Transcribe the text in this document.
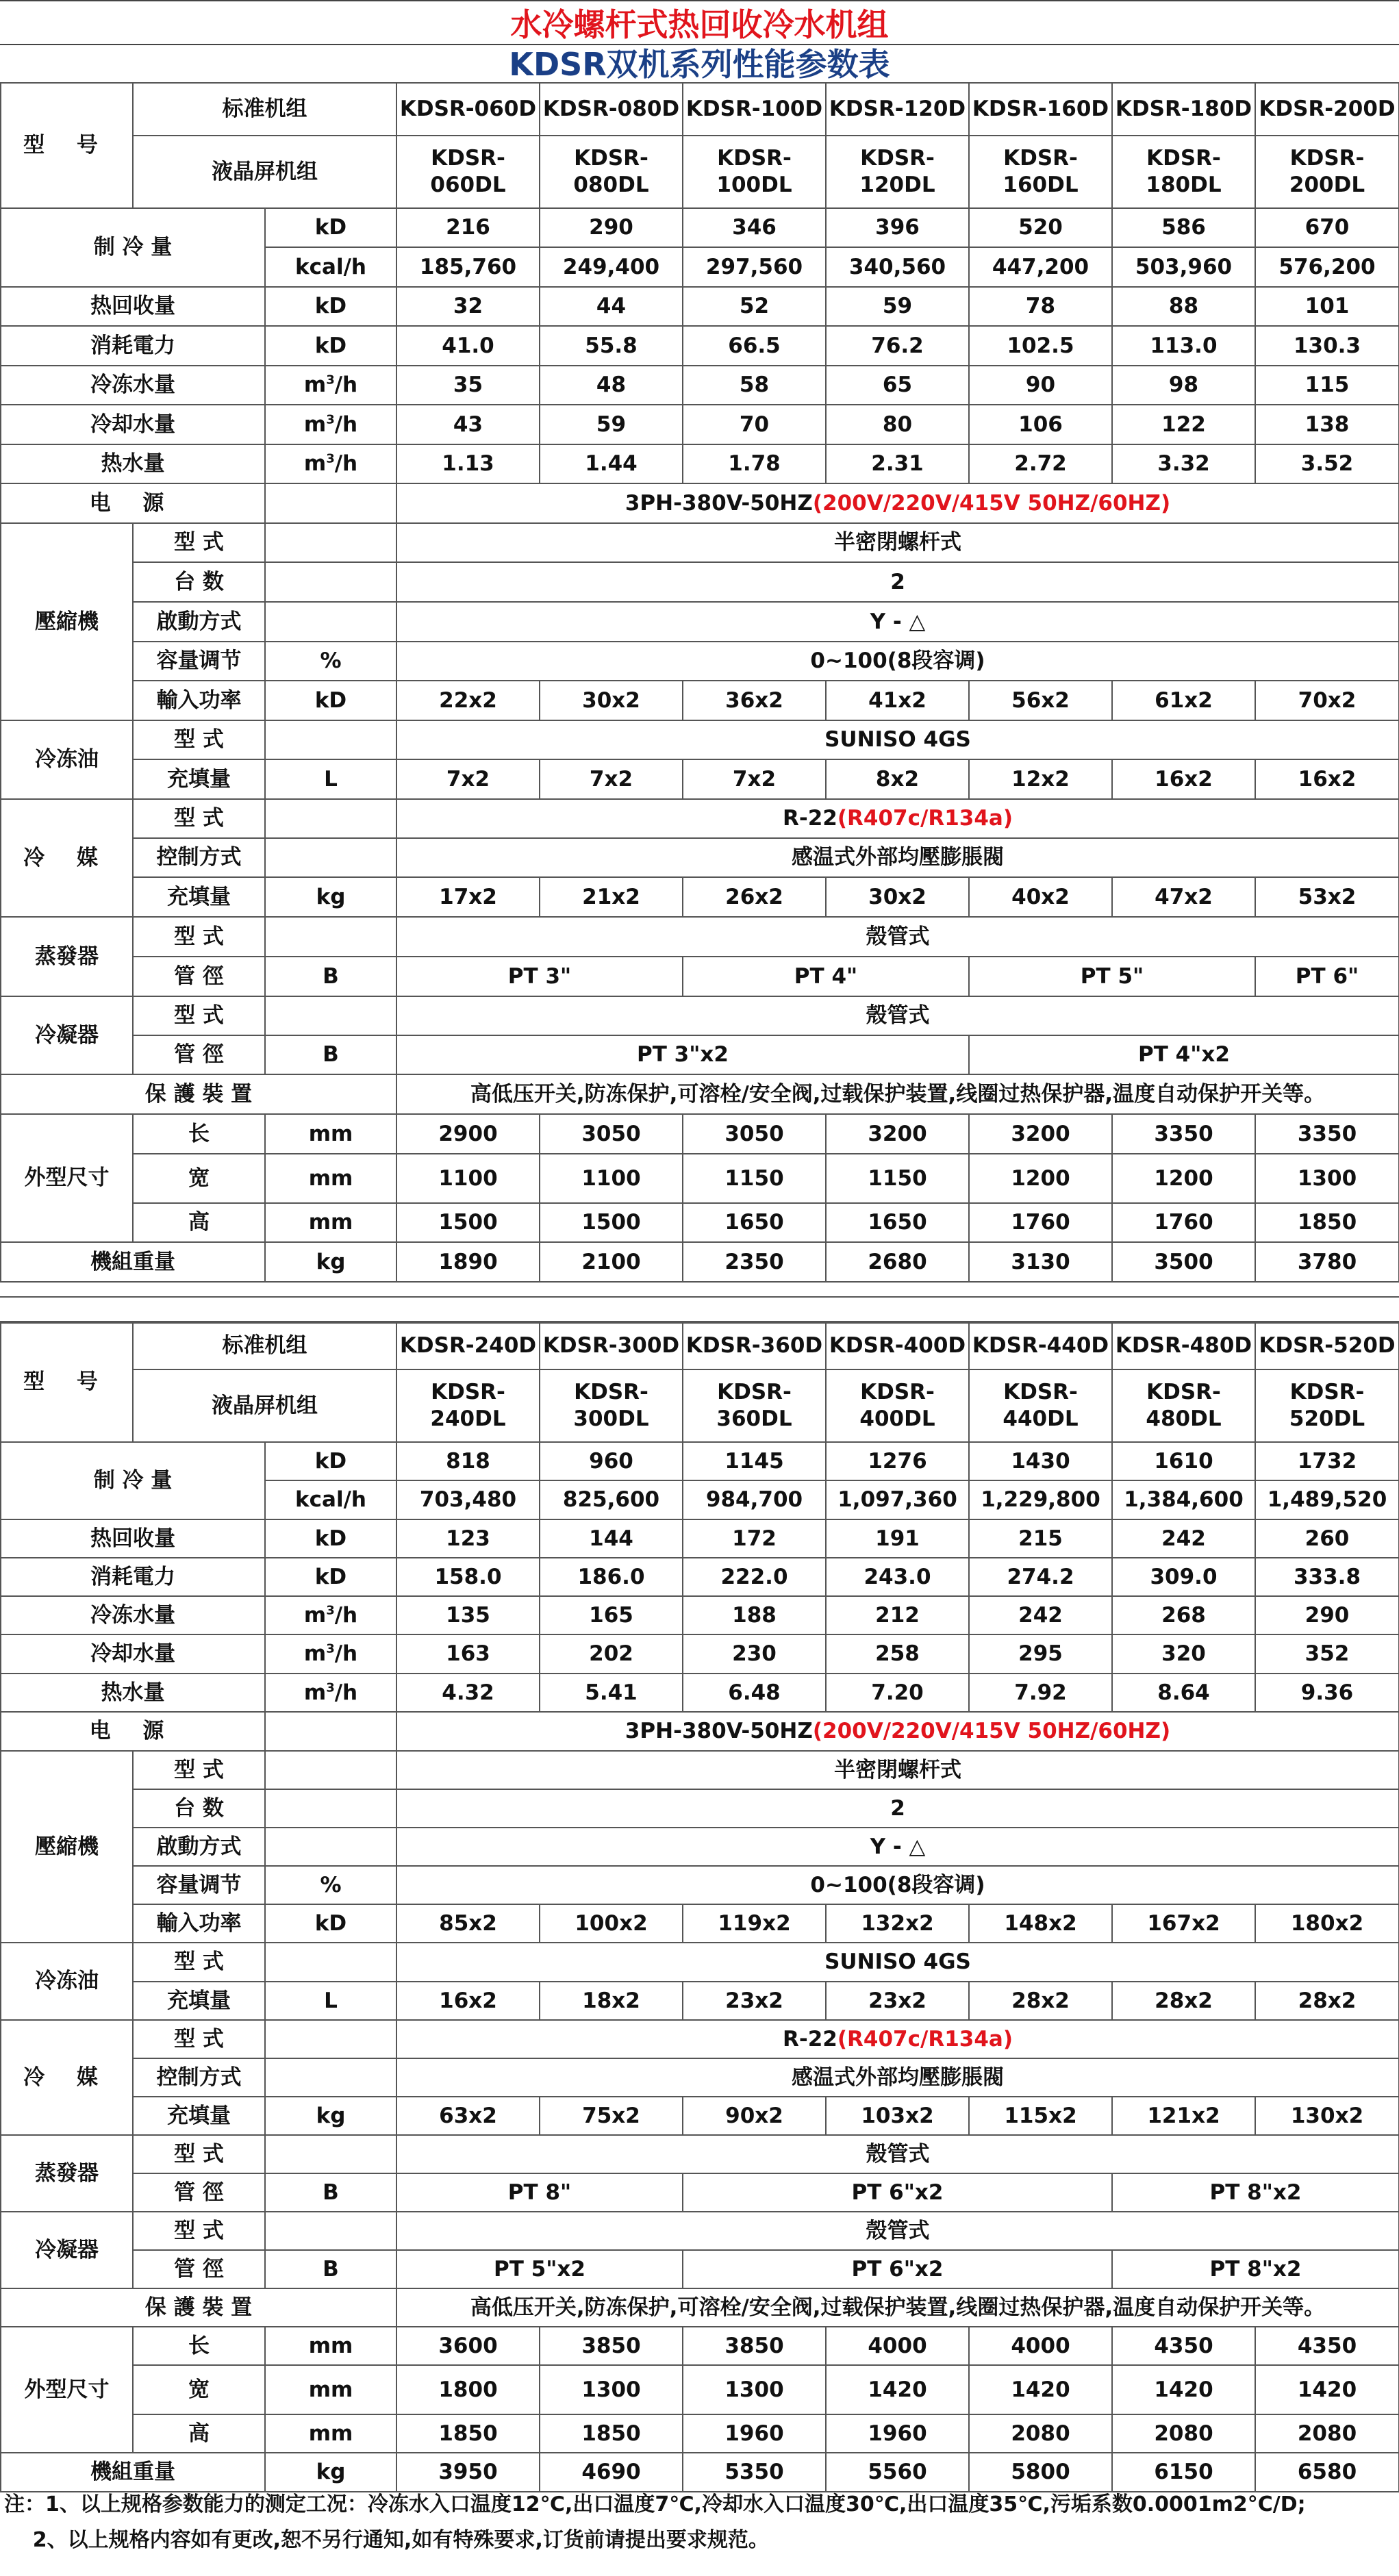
水冷螺杆式热回收冷水机组
KDSR双机系列性能参数表
型 号	标准机组		KDSR-060D	KDSR-080D	KDSR-100D	KDSR-120D	KDSR-160D	KDSR-180D	KDSR-200D
	液晶屏机组		KDSR-060DL	KDSR-080DL	KDSR-100DL	KDSR-120DL	KDSR-160DL	KDSR-180DL	KDSR-200DL
制 冷 量		kD	216	290	346	396	520	586	670
		kcal/h	185,760	249,400	297,560	340,560	447,200	503,960	576,200
热回收量		kD	32	44	52	59	78	88	101
消耗電力		kD	41.0	55.8	66.5	76.2	102.5	113.0	130.3
冷冻水量		$m^3/h$	35	48	58	65	90	98	115
冷却水量		$m^3/h$	43	59	70	80	106	122	138
热水量		$m^3/h$	1.13	1.44	1.78	2.31	2.72	3.32	3.52
电 源			3PH-380V-50HZ(200V/220V/415V 50HZ/60HZ)						
壓縮機	型 式		半密閉螺杆式						
	台 数		2						
	啟動方式		Y - △						
	容量调节	%	0~100(8段容调)						
	輸入功率	kD	22x2	30x2	36x2	41x2	56x2	61x2	70x2
冷冻油	型 式		SUNISO 4GS						
	充填量	L	7x2	7x2	7x2	8x2	12x2	16x2	16x2
冷 媒	型 式		R-22(R407c/R134a)						
	控制方式		感温式外部均壓膨脹閥						
	充填量	kg	17x2	21x2	26x2	30x2	40x2	47x2	53x2
蒸發器	型 式		殼管式						
	管 徑	B	PT 3"		PT 4"		PT 5"		PT 6"
冷凝器	型 式		殼管式						
	管 徑	B	PT 3"x2				PT 4"x2		
保 護 裝 置			高低压开关,防冻保护,可溶栓/安全阀,过载保护装置,线圈过热保护器,温度自动保护开关等。						
外型尺寸	长	mm	2900	3050	3050	3200	3200	3350	3350
	宽	mm	1100	1100	1150	1150	1200	1200	1300
	高	mm	1500	1500	1650	1650	1760	1760	1850
機組重量		kg	1890	2100	2350	2680	3130	3500	3780
型 号	标准机组		KDSR-240D	KDSR-300D	KDSR-360D	KDSR-400D	KDSR-440D	KDSR-480D	KDSR-520D
	液晶屏机组		KDSR-240DL	KDSR-300DL	KDSR-360DL	KDSR-400DL	KDSR-440DL	KDSR-480DL	KDSR-520DL
制 冷 量		kD	818	960	1145	1276	1430	1610	1732
		kcal/h	703,480	825,600	984,700	1,097,360	1,229,800	1,384,600	1,489,520
热回收量		kD	123	144	172	191	215	242	260
消耗電力		kD	158.0	186.0	222.0	243.0	274.2	309.0	333.8
冷冻水量		$m^3/h$	135	165	188	212	242	268	290
冷却水量		$m^3/h$	163	202	230	258	295	320	352
热水量		$m^3/h$	4.32	5.41	6.48	7.20	7.92	8.64	9.36
电 源			3PH-380V-50HZ(200V/220V/415V 50HZ/60HZ)						
壓縮機	型 式		半密閉螺杆式						
	台 数		2						
	啟動方式		Y - △						
	容量调节	%	0~100(8段容调)						
	輸入功率	kD	85x2	100x2	119x2	132x2	148x2	167x2	180x2
冷冻油	型 式		SUNISO 4GS						
	充填量	L	16x2	18x2	23x2	23x2	28x2	28x2	28x2
冷 媒	型 式		R-22(R407c/R134a)						
	控制方式		感温式外部均壓膨脹閥						
	充填量	kg	63x2	75x2	90x2	103x2	115x2	121x2	130x2
蒸發器	型 式		殼管式						
	管 徑	B	PT 8"		PT 6"x2			PT 8"x2	
冷凝器	型 式		殼管式						
	管 徑	B	PT 5"x2		PT 6"x2			PT 8"x2	
保 護 裝 置			高低压开关,防冻保护,可溶栓/安全阀,过载保护装置,线圈过热保护器,温度自动保护开关等。						
外型尺寸	长	mm	3600	3850	3850	4000	4000	4350	4350
	宽	mm	1800	1300	1300	1420	1420	1420	1420
	高	mm	1850	1850	1960	1960	2080	2080	2080
機組重量		kg	3950	4690	5350	5560	5800	6150	6580
注：1、以上规格参数能力的测定工况：冷冻水入口温度12℃,出口温度7℃,冷却水入口温度30℃,出口温度35℃,污垢系数0.0001m2°C/D;
2、以上规格内容如有更改,恕不另行通知,如有特殊要求,订货前请提出要求规范。
